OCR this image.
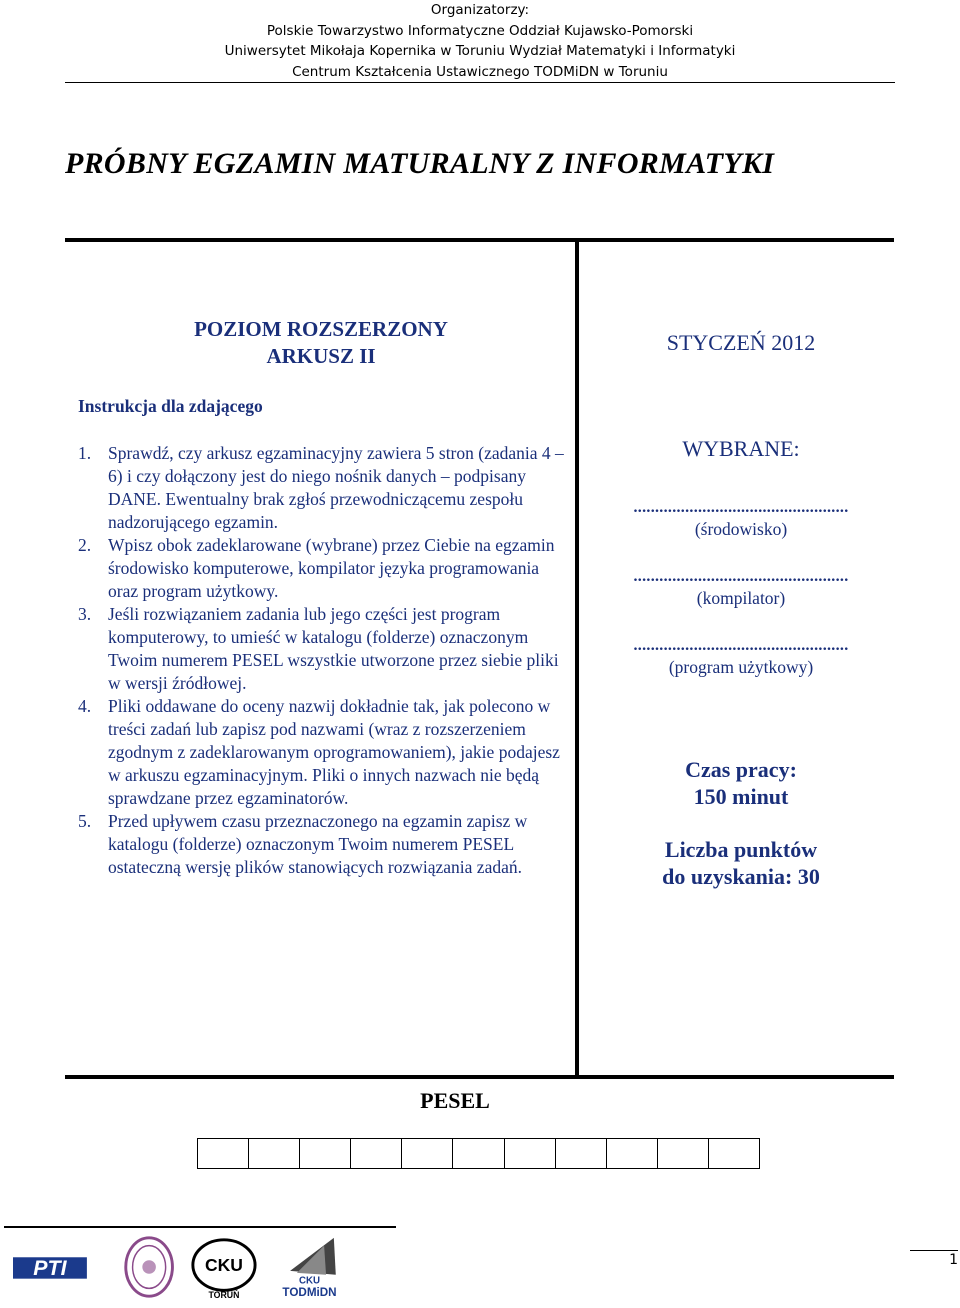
Organizatorzy:
Polskie Towarzystwo Informatyczne Oddział Kujawsko-Pomorski
Uniwersytet Mikołaja Kopernika w Toruniu Wydział Matematyki i Informatyki
Centrum Kształcenia Ustawicznego TODMiDN w Toruniu
PRÓBNY EGZAMIN MATURALNY Z INFORMATYKI
POZIOM ROZSZERZONY
ARKUSZ II
STYCZEŃ 2012
Instrukcja dla zdającego
1. Sprawdź, czy arkusz egzaminacyjny zawiera 5 stron (zadania 4 – 6) i czy dołączony jest do niego nośnik danych – podpisany DANE. Ewentualny brak zgłoś przewodniczącemu zespołu nadzorującego egzamin.
2. Wpisz obok zadeklarowane (wybrane) przez Ciebie na egzamin środowisko komputerowe, kompilator języka programowania oraz program użytkowy.
3. Jeśli rozwiązaniem zadania lub jego części jest program komputerowy, to umieść w katalogu (folderze) oznaczonym Twoim numerem PESEL wszystkie utworzone przez siebie pliki w wersji źródłowej.
4. Pliki oddawane do oceny nazwij dokładnie tak, jak polecono w treści zadań lub zapisz pod nazwami (wraz z rozszerzeniem zgodnym z zadeklarowanym oprogramowaniem), jakie podajesz w arkuszu egzaminacyjnym. Pliki o innych nazwach nie będą sprawdzane przez egzaminatorów.
5. Przed upływem czasu przeznaczonego na egzamin zapisz w katalogu (folderze) oznaczonym Twoim numerem PESEL ostateczną wersję plików stanowiących rozwiązania zadań.
WYBRANE:
..................................................
(środowisko)
..................................................
(kompilator)
..................................................
(program użytkowy)
Czas pracy:
150 minut
Liczba punktów
do uzyskania: 30
PESEL
PTI	CKU
TORUŃ
CKU
TODMiDN
1
